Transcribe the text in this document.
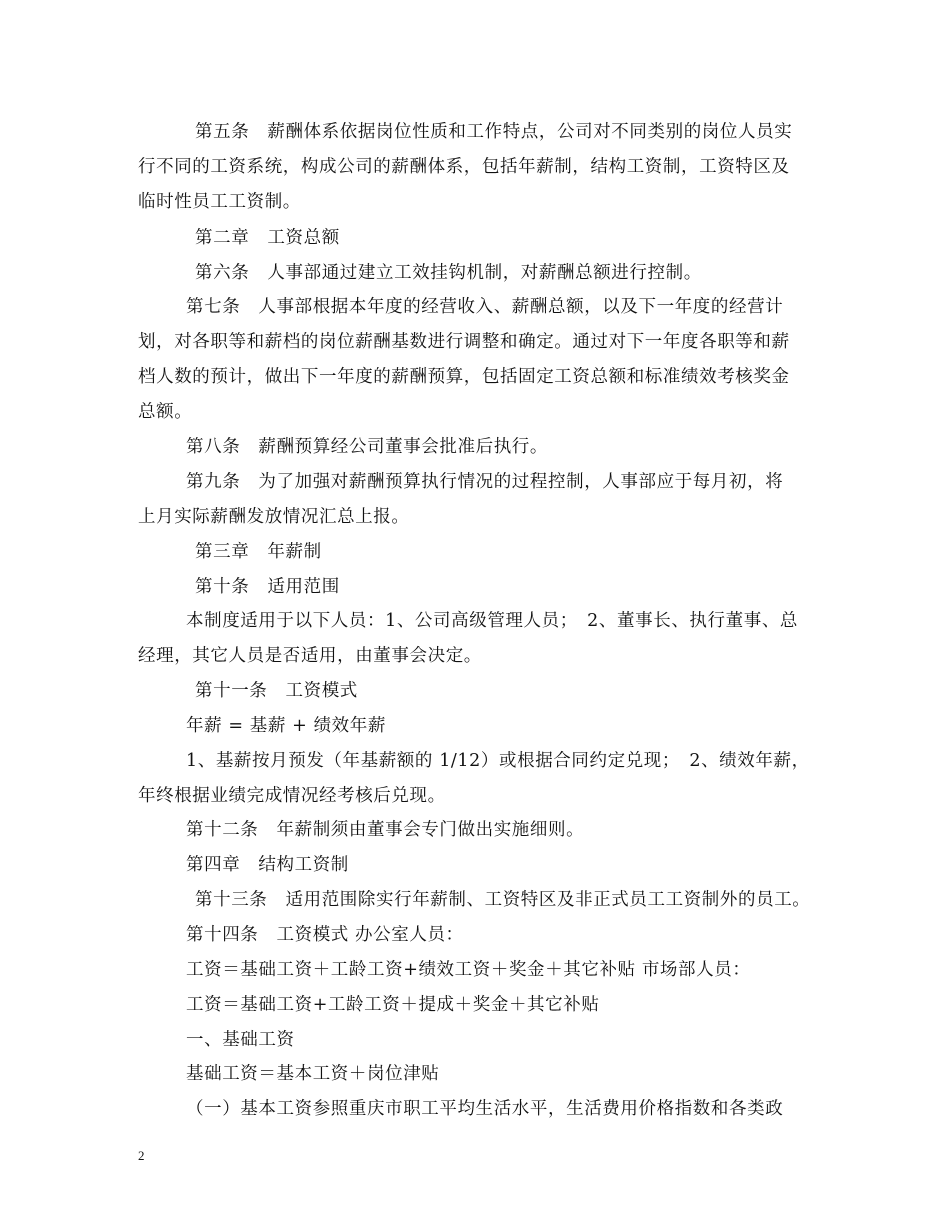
第五条　薪酬体系依据岗位性质和工作特点，公司对不同类别的岗位人员实
行不同的工资系统，构成公司的薪酬体系，包括年薪制，结构工资制，工资特区及
临时性员工工资制。
第二章　工资总额
第六条　人事部通过建立工效挂钩机制，对薪酬总额进行控制。
第七条　人事部根据本年度的经营收入、薪酬总额，以及下一年度的经营计
划，对各职等和薪档的岗位薪酬基数进行调整和确定。通过对下一年度各职等和薪
档人数的预计，做出下一年度的薪酬预算，包括固定工资总额和标准绩效考核奖金
总额。
第八条　薪酬预算经公司董事会批准后执行。
第九条　为了加强对薪酬预算执行情况的过程控制，人事部应于每月初，将
上月实际薪酬发放情况汇总上报。
第三章　年薪制
第十条　适用范围
本制度适用于以下人员：1、公司高级管理人员；　2、董事长、执行董事、总
经理，其它人员是否适用，由董事会决定。
第十一条　工资模式
年薪 = 基薪 + 绩效年薪
1、基薪按月预发（年基薪额的 1/12）或根据合同约定兑现；　2、绩效年薪，
年终根据业绩完成情况经考核后兑现。
第十二条　年薪制须由董事会专门做出实施细则。
第四章　结构工资制
第十三条　适用范围除实行年薪制、工资特区及非正式员工工资制外的员工。
第十四条　工资模式 办公室人员：
工资＝基础工资＋工龄工资+绩效工资＋奖金＋其它补贴 市场部人员：
工资＝基础工资+工龄工资＋提成＋奖金＋其它补贴
一、基础工资
基础工资＝基本工资＋岗位津贴
（一）基本工资参照重庆市职工平均生活水平，生活费用价格指数和各类政
2
